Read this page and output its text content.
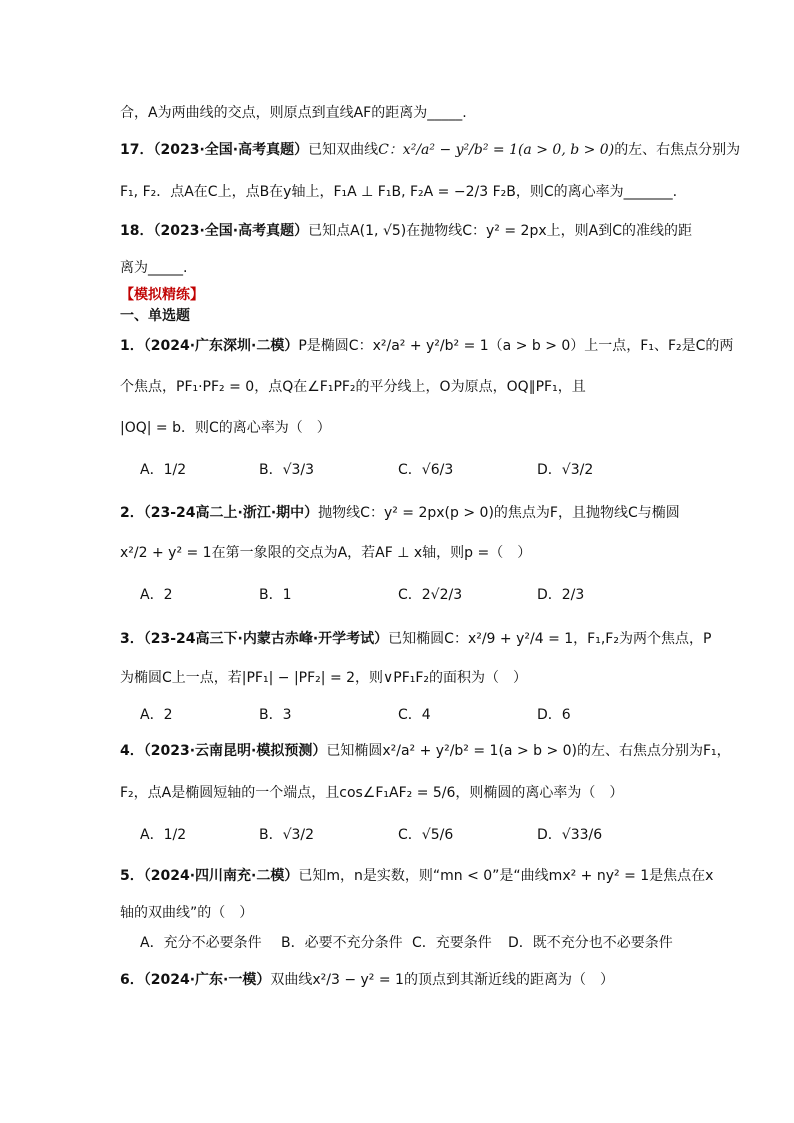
合，A为两曲线的交点，则原点到直线AF的距离为_____.
17．（2023·全国·高考真题）已知双曲线C：x²/a² − y²/b² = 1(a > 0, b > 0)的左、右焦点分别为
F₁, F₂．点A在C上，点B在y轴上，F₁A ⊥ F₁B, F₂A = −2/3 F₂B，则C的离心率为_______.
18．（2023·全国·高考真题）已知点A(1, √5)在抛物线C：y² = 2px上，则A到C的准线的距
离为_____.
【模拟精练】
一、单选题
1．（2024·广东深圳·二模）P是椭圆C：x²/a² + y²/b² = 1（a > b > 0）上一点，F₁、F₂是C的两
个焦点，PF₁·PF₂ = 0，点Q在∠F₁PF₂的平分线上，O为原点，OQ∥PF₁，且
|OQ| = b．则C的离心率为（　）
A．1/2	B．√3/3	C．√6/3	D．√3/2
2．（23-24高二上·浙江·期中）抛物线C：y² = 2px(p > 0)的焦点为F，且抛物线C与椭圆
x²/2 + y² = 1在第一象限的交点为A，若AF ⊥ x轴，则p =（　）
A．2	B．1	C．2√2/3	D．2/3
3．（23-24高三下·内蒙古赤峰·开学考试）已知椭圆C：x²/9 + y²/4 = 1，F₁,F₂为两个焦点，P
为椭圆C上一点，若|PF₁| − |PF₂| = 2，则∨PF₁F₂的面积为（　）
A．2	B．3	C．4	D．6
4．（2023·云南昆明·模拟预测）已知椭圆x²/a² + y²/b² = 1(a > b > 0)的左、右焦点分别为F₁，
F₂，点A是椭圆短轴的一个端点，且cos∠F₁AF₂ = 5/6，则椭圆的离心率为（　）
A．1/2	B．√3/2	C．√5/6	D．√33/6
5．（2024·四川南充·二模）已知m，n是实数，则“mn < 0”是“曲线mx² + ny² = 1是焦点在x
轴的双曲线”的（　）
A．充分不必要条件 B．必要不充分条件 C．充要条件 D．既不充分也不必要条件
6．（2024·广东·一模）双曲线x²/3 − y² = 1的顶点到其渐近线的距离为（　）
